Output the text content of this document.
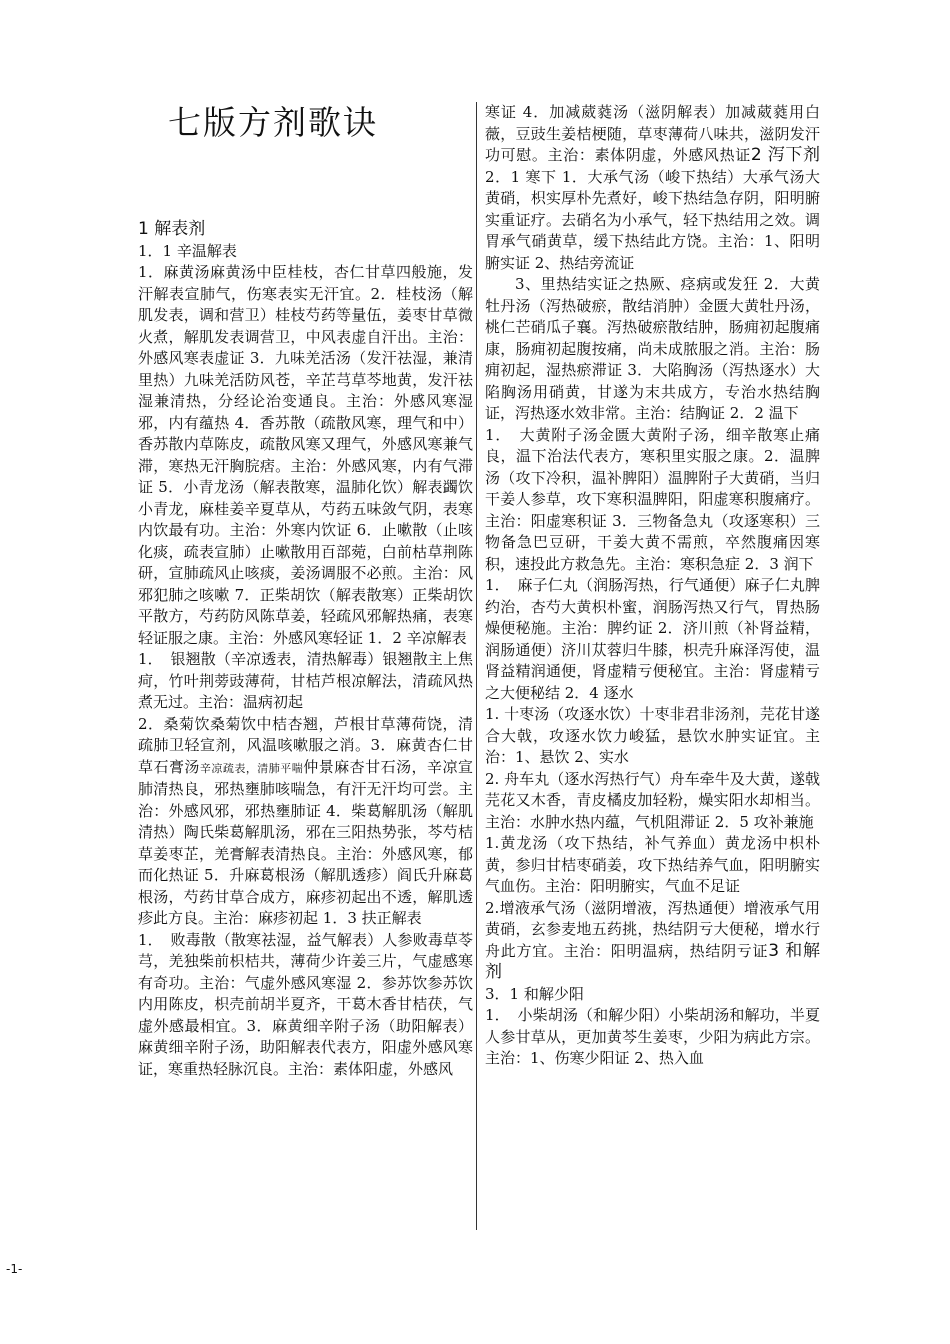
七版方剂歌诀
1 解表剂

1．1 辛温解表

1．麻黄汤麻黄汤中臣桂枝，杏仁甘草四般施，发汗解表宣肺气，伤寒表实无汗宜。2．桂枝汤（解肌发表，调和营卫）桂枝芍药等量伍，姜枣甘草微火煮，解肌发表调营卫，中风表虚自汗出。主治：外感风寒表虚证 3．九味羌活汤（发汗祛湿，兼清里热）九味羌活防风苍，辛芷芎草芩地黄，发汗祛湿兼清热，分经论治变通良。主治：外感风寒湿邪，内有蕴热 4．香苏散（疏散风寒，理气和中）香苏散内草陈皮，疏散风寒又理气，外感风寒兼气滞，寒热无汗胸脘痞。主治：外感风寒，内有气滞证 5．小青龙汤（解表散寒，温肺化饮）解表蠲饮小青龙，麻桂姜辛夏草从，芍药五味敛气阴，表寒内饮最有功。主治：外寒内饮证 6．止嗽散（止咳化痰，疏表宣肺）止嗽散用百部菀，白前枯草荆陈研，宣肺疏风止咳痰，姜汤调服不必煎。主治：风邪犯肺之咳嗽 7．正柴胡饮（解表散寒）正柴胡饮平散方，芍药防风陈草姜，轻疏风邪解热痛，表寒轻证服之康。主治：外感风寒轻证 1．2 辛凉解表

1．　银翘散（辛凉透表，清热解毒）银翘散主上焦疴，竹叶荆蒡豉薄荷，甘桔芦根凉解法，清疏风热煮无过。主治：温病初起

2．桑菊饮桑菊饮中桔杏翘，芦根甘草薄荷饶，清疏肺卫轻宣剂，风温咳嗽服之消。3．麻黄杏仁甘草石膏汤辛凉疏表，清肺平喘仲景麻杏甘石汤，辛凉宣肺清热良，邪热壅肺咳喘急，有汗无汗均可尝。主治：外感风邪，邪热壅肺证 4．柴葛解肌汤（解肌清热）陶氏柴葛解肌汤，邪在三阳热势张，芩芍桔草姜枣芷，羌膏解表清热良。主治：外感风寒，郁而化热证 5．升麻葛根汤（解肌透疹）阎氏升麻葛根汤，芍药甘草合成方，麻疹初起出不透，解肌透疹此方良。主治：麻疹初起 1．3 扶正解表

1．　败毒散（散寒祛湿，益气解表）人参败毒草苓芎，羌独柴前枳桔共，薄荷少许姜三片，气虚感寒有奇功。主治：气虚外感风寒湿 2．参苏饮参苏饮内用陈皮，枳壳前胡半夏齐，干葛木香甘桔茯，气虚外感最相宜。3．麻黄细辛附子汤（助阳解表）麻黄细辛附子汤，助阳解表代表方，阳虚外感风寒证，寒重热轻脉沉良。主治：素体阳虚，外感风

寒证 4．加减葳蕤汤（滋阴解表）加减葳蕤用白薇，豆豉生姜桔梗随，草枣薄荷八味共，滋阴发汗功可慰。主治：素体阴虚，外感风热证2 泻下剂2．1 寒下 1．大承气汤（峻下热结）大承气汤大黄硝，枳实厚朴先煮好，峻下热结急存阴，阳明腑实重证疗。去硝名为小承气，轻下热结用之效。调胃承气硝黄草，缓下热结此方饶。主治：1、阳明腑实证 2、热结旁流证

3、里热结实证之热厥、痉病或发狂 2．大黄牡丹汤（泻热破瘀，散结消肿）金匮大黄牡丹汤，桃仁芒硝瓜子襄。泻热破瘀散结肿，肠痈初起腹痛康，肠痈初起腹按痛，尚未成脓服之消。主治：肠痈初起，湿热瘀滞证 3．大陷胸汤（泻热逐水）大陷胸汤用硝黄，甘遂为末共成方，专治水热结胸证，泻热逐水效非常。主治：结胸证 2．2 温下

1．　大黄附子汤金匮大黄附子汤，细辛散寒止痛良，温下治法代表方，寒积里实服之康。2．温脾汤（攻下冷积，温补脾阳）温脾附子大黄硝，当归干姜人参草，攻下寒积温脾阳，阳虚寒积腹痛疗。主治：阳虚寒积证 3．三物备急丸（攻逐寒积）三物备急巴豆研，干姜大黄不需煎，卒然腹痛因寒积，速投此方救急先。主治：寒积急症 2．3 润下

1．　麻子仁丸（润肠泻热，行气通便）麻子仁丸脾约治，杏芍大黄枳朴蜜，润肠泻热又行气，胃热肠燥便秘施。主治：脾约证 2．济川煎（补肾益精，润肠通便）济川苁蓉归牛膝，枳壳升麻泽泻使，温肾益精润通便，肾虚精亏便秘宜。主治：肾虚精亏之大便秘结 2．4 逐水

1. 十枣汤（攻逐水饮）十枣非君非汤剂，芫花甘遂合大戟，攻逐水饮力峻猛，悬饮水肿实证宜。主治：1、悬饮 2、实水

2. 舟车丸（逐水泻热行气）舟车牵牛及大黄，遂戟芫花又木香，青皮橘皮加轻粉，燥实阳水却相当。主治：水肿水热内蕴，气机阻滞证 2．5 攻补兼施

1.黄龙汤（攻下热结，补气养血）黄龙汤中枳朴黄，参归甘桔枣硝姜，攻下热结养气血，阳明腑实气血伤。主治：阳明腑实，气血不足证

2.增液承气汤（滋阴增液，泻热通便）增液承气用黄硝，玄参麦地五药挑，热结阴亏大便秘，增水行舟此方宜。主治：阳明温病，热结阴亏证3 和解剂

3．1 和解少阳

1．　小柴胡汤（和解少阳）小柴胡汤和解功，半夏人参甘草从，更加黄芩生姜枣，少阳为病此方宗。主治：1、伤寒少阳证 2、热入血

-1-
